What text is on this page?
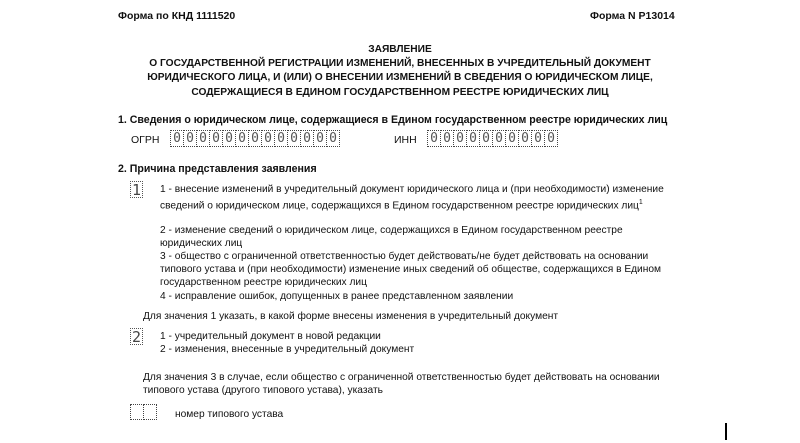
Форма по КНД 1111520	Форма N Р13014
ЗАЯВЛЕНИЕ
О ГОСУДАРСТВЕННОЙ РЕГИСТРАЦИИ ИЗМЕНЕНИЙ, ВНЕСЕННЫХ В УЧРЕДИТЕЛЬНЫЙ ДОКУМЕНТ
ЮРИДИЧЕСКОГО ЛИЦА, И (ИЛИ) О ВНЕСЕНИИ ИЗМЕНЕНИЙ В СВЕДЕНИЯ О ЮРИДИЧЕСКОМ ЛИЦЕ,
СОДЕРЖАЩИЕСЯ В ЕДИНОМ ГОСУДАРСТВЕННОМ РЕЕСТРЕ ЮРИДИЧЕСКИХ ЛИЦ
1. Сведения о юридическом лице, содержащиеся в Едином государственном реестре юридических лиц
ОГРН 0 0 0 0 0 0 0 0 0 0 0 0 0	ИНН 0 0 0 0 0 0 0 0 0 0
2. Причина представления заявления
1 1 - внесение изменений в учредительный документ юридического лица и (при необходимости) изменение
сведений о юридическом лице, содержащихся в Едином государственном реестре юридических лиц$^1$
2 - изменение сведений о юридическом лице, содержащихся в Едином государственном реестре
юридических лиц
3 - общество с ограниченной ответственностью будет действовать/не будет действовать на основании
типового устава и (при необходимости) изменение иных сведений об обществе, содержащихся в Едином
государственном реестре юридических лиц
4 - исправление ошибок, допущенных в ранее представленном заявлении
Для значения 1 указать, в какой форме внесены изменения в учредительный документ
2 1 - учредительный документ в новой редакции
2 - изменения, внесенные в учредительный документ
Для значения 3 в случае, если общество с ограниченной ответственностью будет действовать на основании
типового устава (другого типового устава), указать
номер типового устава
